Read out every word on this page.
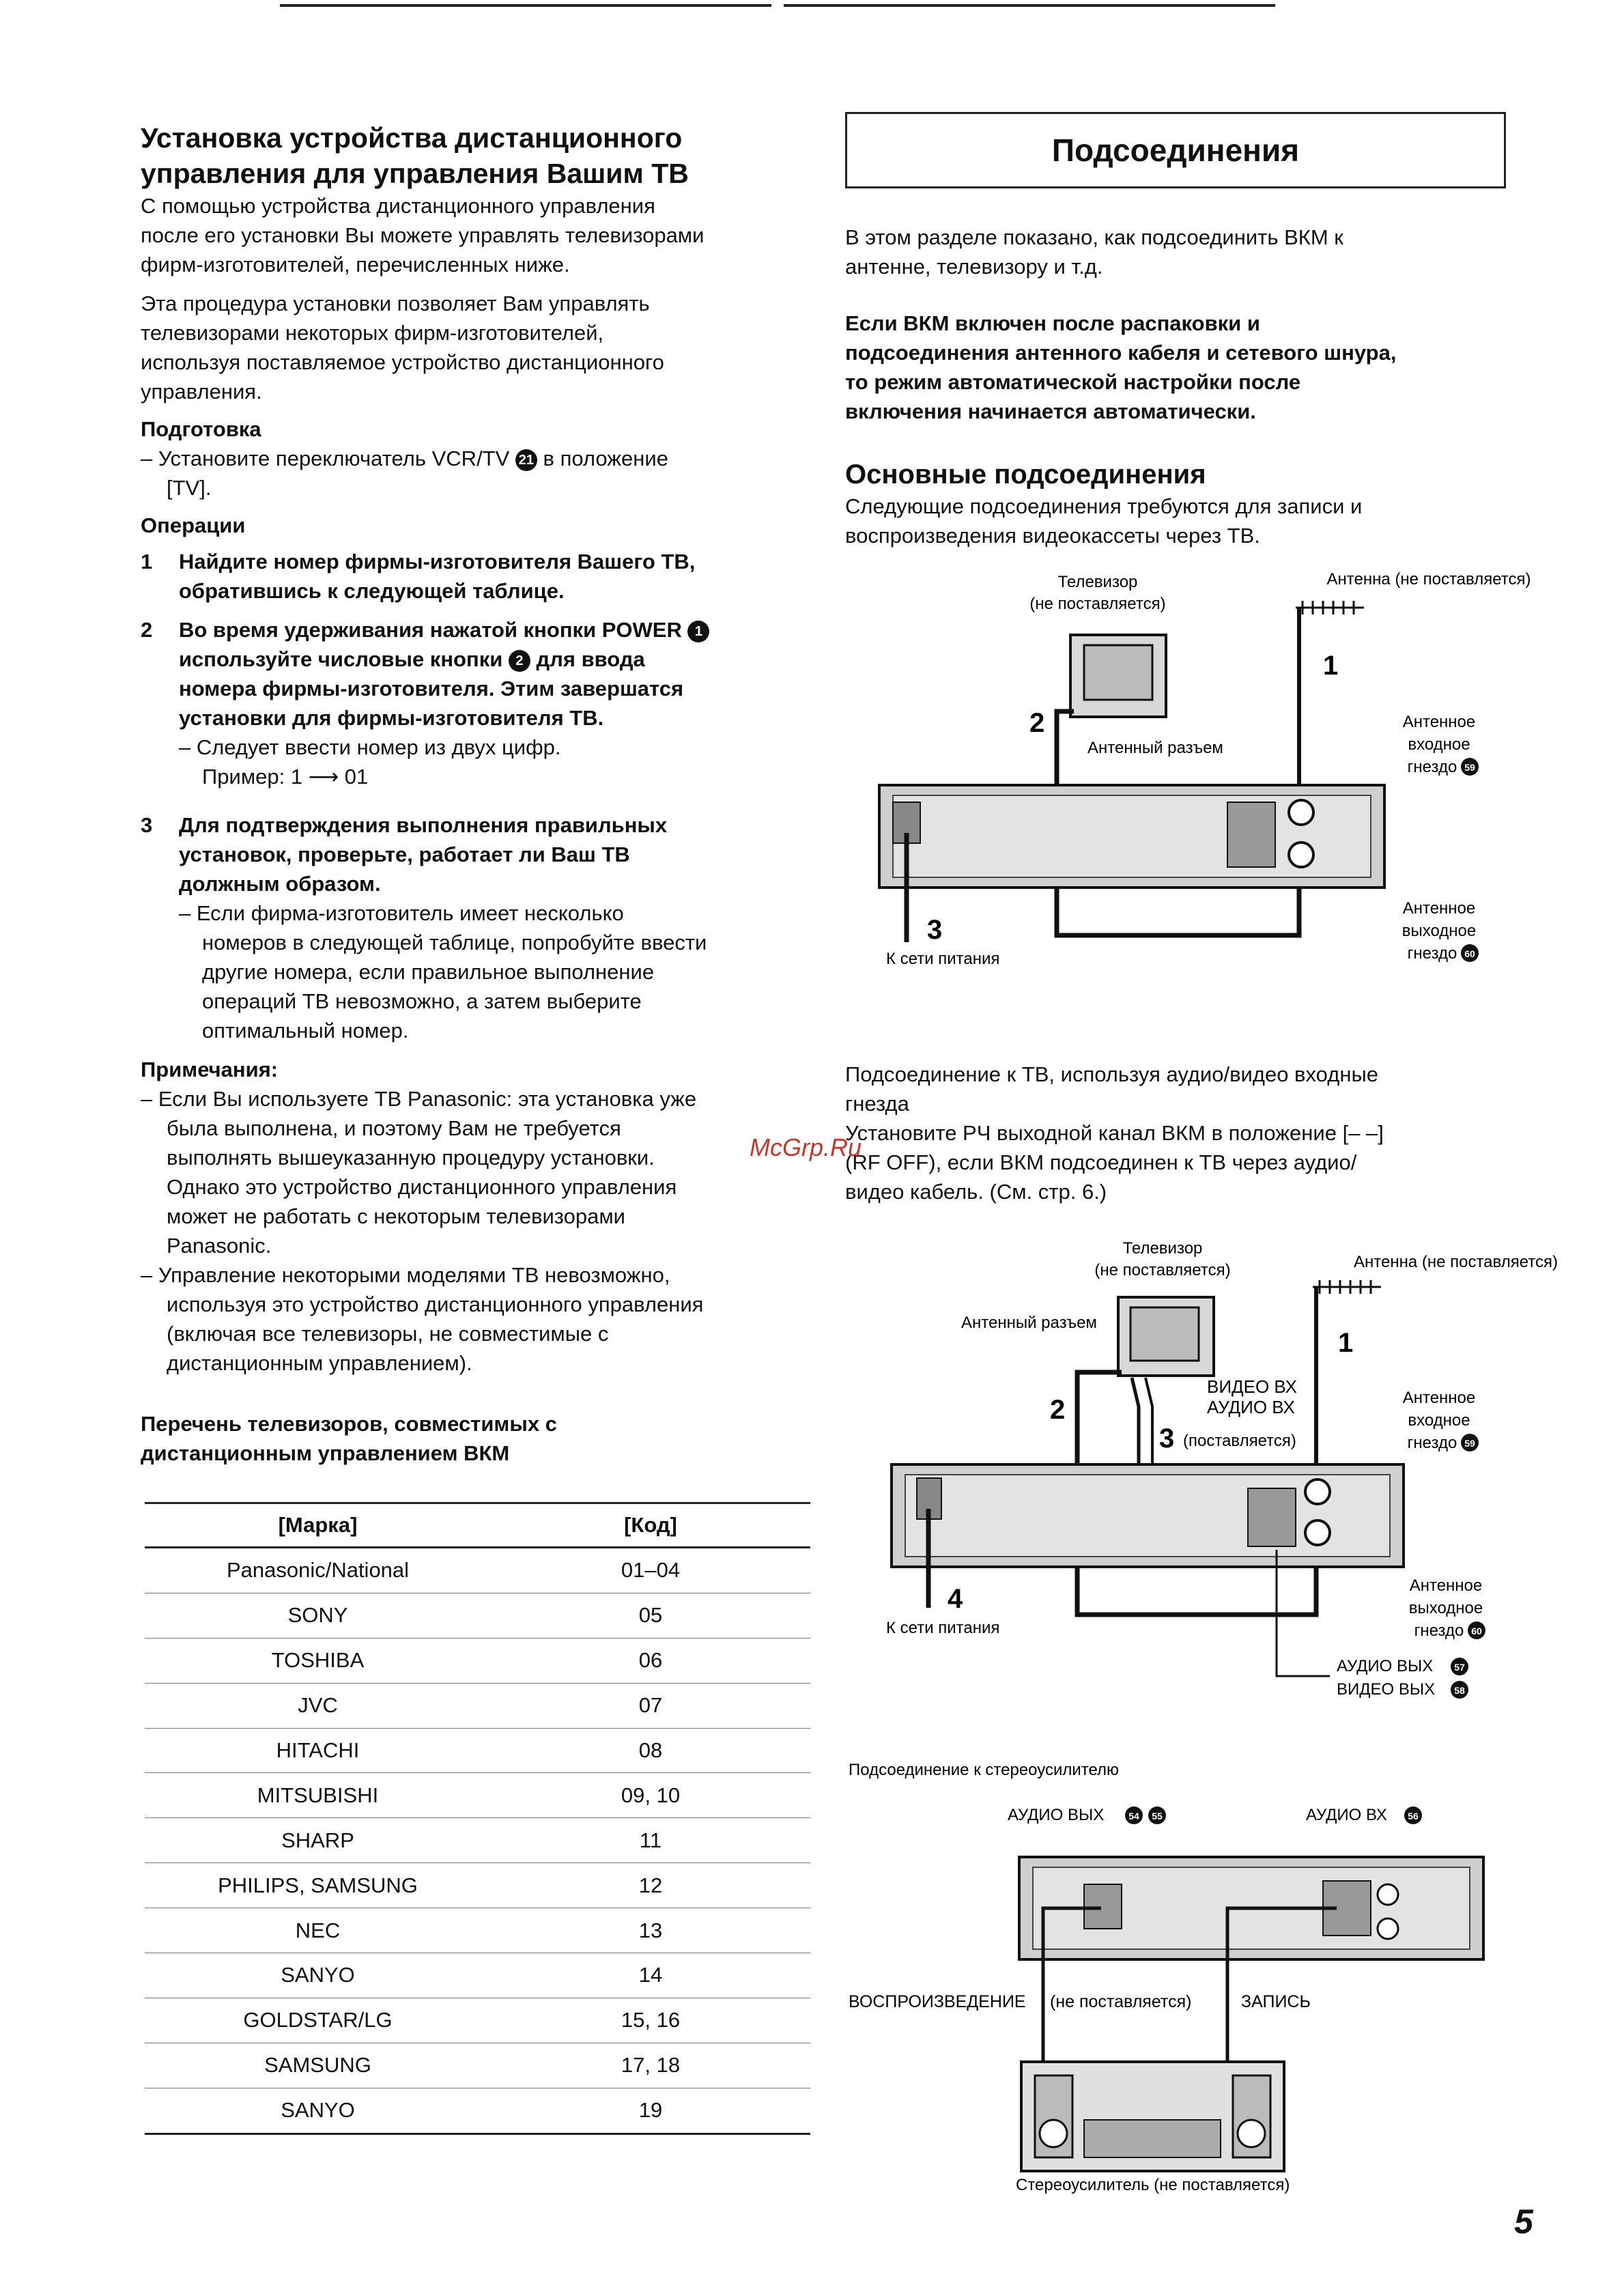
Установка устройства дистанционного
управления для управления Вашим ТВ
С помощью устройства дистанционного управления
после его установки Вы можете управлять телевизорами
фирм-изготовителей, перечисленных ниже.
Эта процедура установки позволяет Вам управлять
телевизорами некоторых фирм-изготовителей,
используя поставляемое устройство дистанционного
управления.
Подготовка
– Установите переключатель VCR/TV 21 в положение
[TV].
Операции
1 Найдите номер фирмы-изготовителя Вашего ТВ,
обратившись к следующей таблице.
2 Во время удерживания нажатой кнопки POWER 1
используйте числовые кнопки 2 для ввода
номера фирмы-изготовителя. Этим завершатся
установки для фирмы-изготовителя ТВ.
– Следует ввести номер из двух цифр.
Пример: 1 ⟶ 01
3 Для подтверждения выполнения правильных
установок, проверьте, работает ли Ваш ТВ
должным образом.
– Если фирма-изготовитель имеет несколько
номеров в следующей таблице, попробуйте ввести
другие номера, если правильное выполнение
операций ТВ невозможно, а затем выберите
оптимальный номер.
Примечания:
– Если Вы используете ТВ Panasonic: эта установка уже
была выполнена, и поэтому Вам не требуется
выполнять вышеуказанную процедуру установки.
Однако это устройство дистанционного управления
может не работать с некоторым телевизорами
Panasonic.
– Управление некоторыми моделями ТВ невозможно,
используя это устройство дистанционного управления
(включая все телевизоры, не совместимые с
дистанционным управлением).
Перечень телевизоров, совместимых с
дистанционным управлением ВКМ
[Марка]	[Код]
Panasonic/National	01–04
SONY	05
TOSHIBA	06
JVC	07
HITACHI	08
MITSUBISHI	09, 10
SHARP	11
PHILIPS, SAMSUNG	12
NEC	13
SANYO	14
GOLDSTAR/LG	15, 16
SAMSUNG	17, 18
SANYO	19
Подсоединения
В этом разделе показано, как подсоединить ВКМ к
антенне, телевизору и т.д.
Если ВКМ включен после распаковки и
подсоединения антенного кабеля и сетевого шнура,
то режим автоматической настройки после
включения начинается автоматически.
Основные подсоединения
Следующие подсоединения требуются для записи и
воспроизведения видеокассеты через ТВ.
Телевизор
(не поставляется)
Антенна (не поставляется)
1
2
Антенный разъем
Антенное
входное
гнездо 59
3
К сети питания
Антенное
выходное
гнездо 60
Подсоединение к ТВ, используя аудио/видео входные
гнезда
Установите РЧ выходной канал ВКМ в положение [– –]
(RF OFF), если ВКМ подсоединен к ТВ через аудио/
видео кабель. (См. стр. 6.)
McGrp.Ru
Телевизор
(не поставляется)	Антенна (не поставляется)
Антенный разъем
1
ВИДЕО ВХ
АУДИО ВХ
2
3 (поставляется)
Антенное
входное
гнездо 59
4
К сети питания
Антенное
выходное
гнездо 60
АУДИО ВЫХ 57
ВИДЕО ВЫХ 58
Подсоединение к стереоусилителю
АУДИО ВЫХ	54 55	АУДИО ВХ 56
ВОСПРОИЗВЕДЕНИЕ (не поставляется)	ЗАПИСЬ
Стереоусилитель (не поставляется)
5
